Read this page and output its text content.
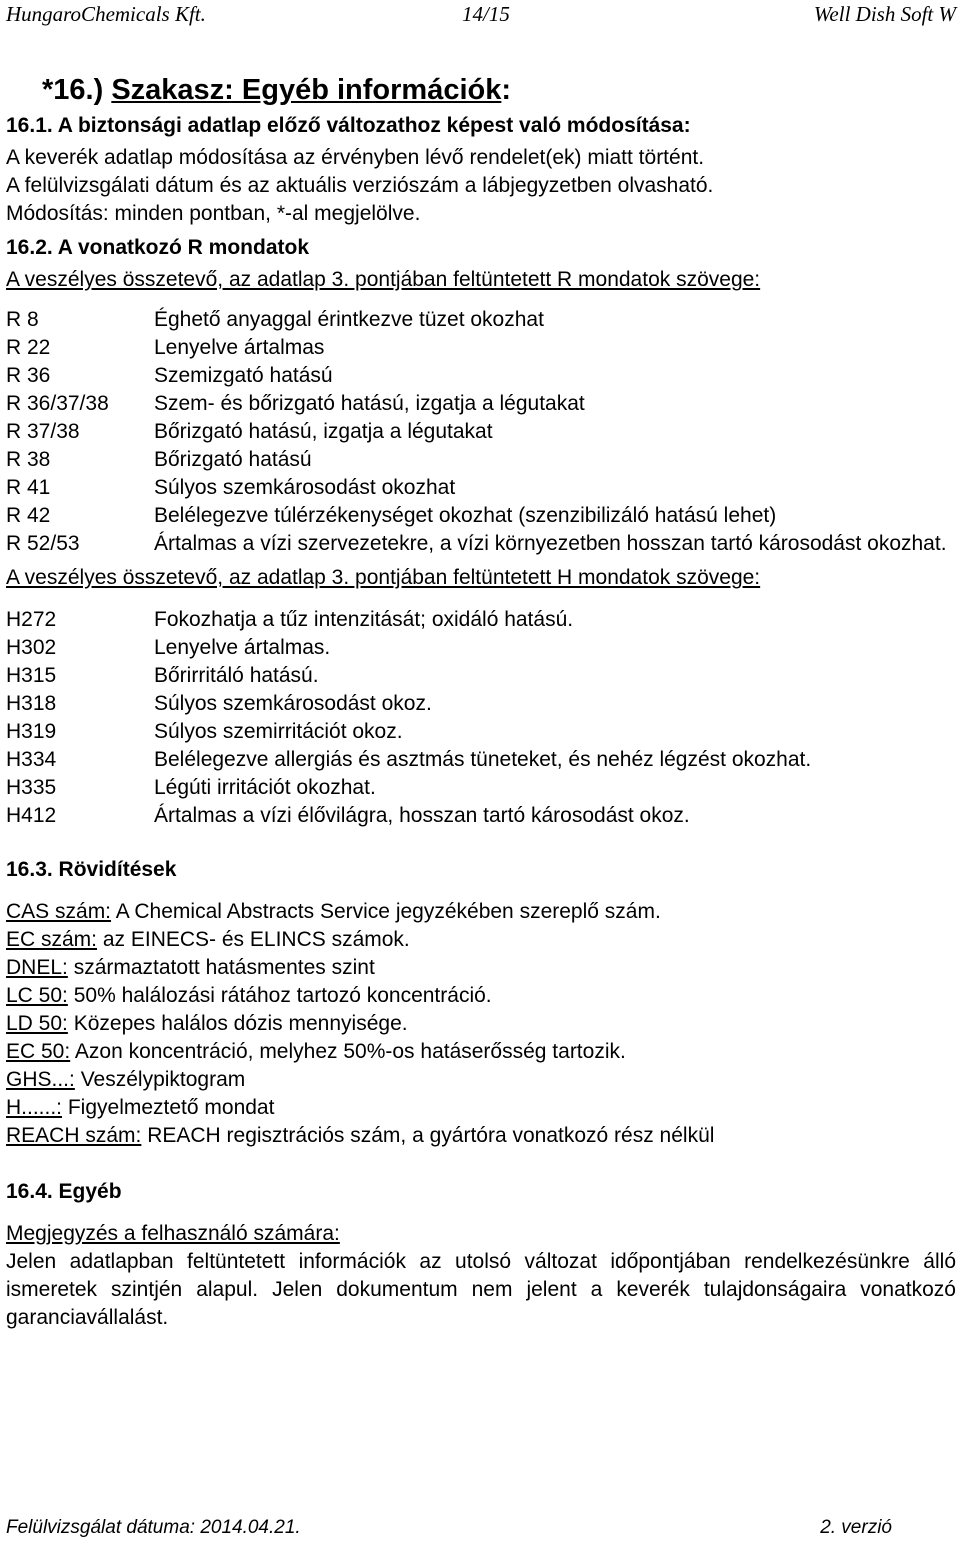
HungaroChemicals Kft.	14/15	Well Dish Soft W
*16.) Szakasz: Egyéb információk:

16.1. A biztonsági adatlap előző változathoz képest való módosítása:

A keverék adatlap módosítása az érvényben lévő rendelet(ek) miatt történt.

A felülvizsgálati dátum és az aktuális verziószám a lábjegyzetben olvasható.

Módosítás: minden pontban, *-al megjelölve.

16.2. A vonatkozó R mondatok

A veszélyes összetevő, az adatlap 3. pontjában feltüntetett R mondatok szövege:

R 8	Éghető anyaggal érintkezve tüzet okozhat
R 22	Lenyelve ártalmas
R 36	Szemizgató hatású
R 36/37/38	Szem- és bőrizgató hatású, izgatja a légutakat
R 37/38	Bőrizgató hatású, izgatja a légutakat
R 38	Bőrizgató hatású
R 41	Súlyos szemkárosodást okozhat
R 42	Belélegezve túlérzékenységet okozhat (szenzibilizáló hatású lehet)
R 52/53	Ártalmas a vízi szervezetekre, a vízi környezetben hosszan tartó károsodást okozhat.

A veszélyes összetevő, az adatlap 3. pontjában feltüntetett H mondatok szövege:

H272	Fokozhatja a tűz intenzitását; oxidáló hatású.
H302	Lenyelve ártalmas.
H315	Bőrirritáló hatású.
H318	Súlyos szemkárosodást okoz.
H319	Súlyos szemirritációt okoz.
H334	Belélegezve allergiás és asztmás tüneteket, és nehéz légzést okozhat.
H335	Légúti irritációt okozhat.
H412	Ártalmas a vízi élővilágra, hosszan tartó károsodást okoz.

16.3. Rövidítések

CAS szám: A Chemical Abstracts Service jegyzékében szereplő szám.
EC szám: az EINECS- és ELINCS számok.
DNEL: származtatott hatásmentes szint
LC 50: 50% halálozási rátához tartozó koncentráció.
LD 50: Közepes halálos dózis mennyisége.
EC 50: Azon koncentráció, melyhez 50%-os hatáserősség tartozik.
GHS...: Veszélypiktogram
H......: Figyelmeztető mondat
REACH szám: REACH regisztrációs szám, a gyártóra vonatkozó rész nélkül

16.4. Egyéb

Megjegyzés a felhasználó számára:

Jelen adatlapban feltüntetett információk az utolsó változat időpontjában rendelkezésünkre álló ismeretek szintjén alapul. Jelen dokumentum nem jelent a keverék tulajdonságaira vonatkozó garanciavállalást.

Felülvizsgálat dátuma: 2014.04.21.	2. verzió
